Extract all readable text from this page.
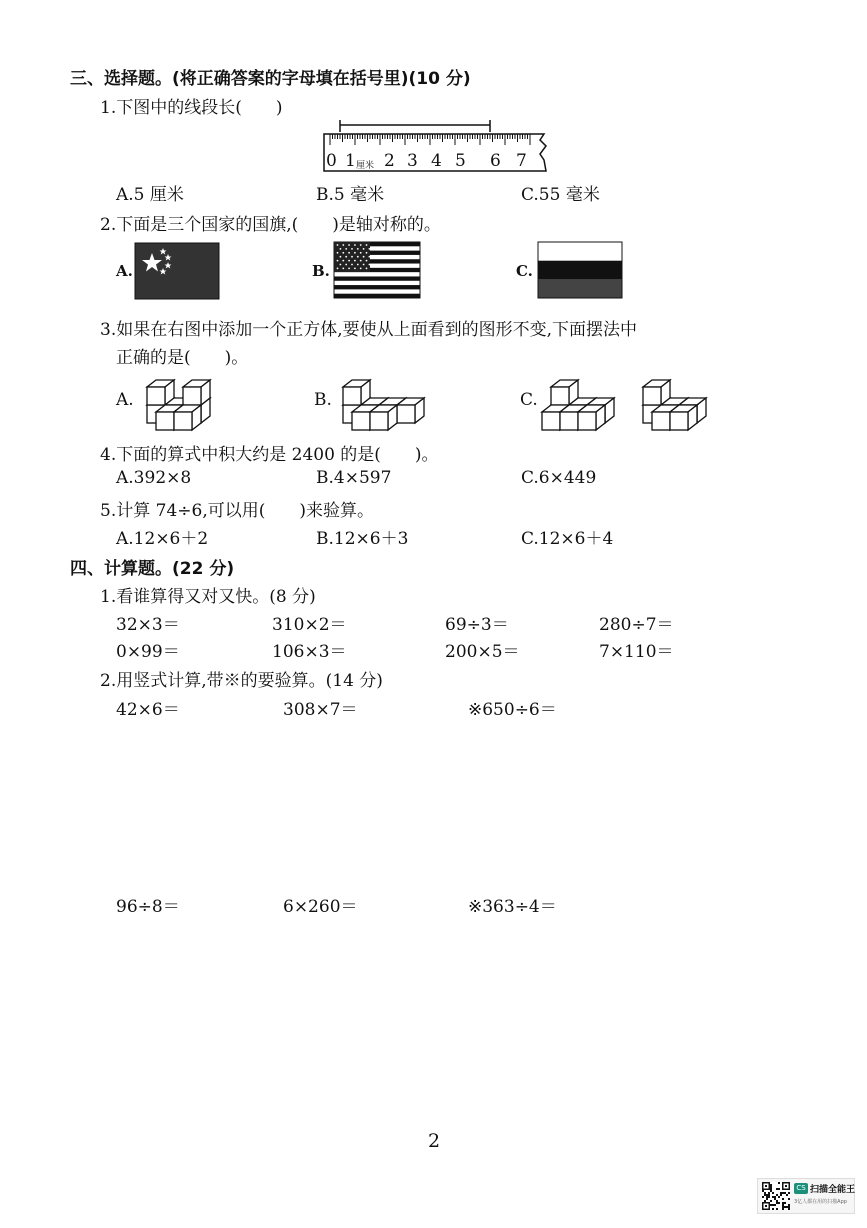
三、选择题。(将正确答案的字母填在括号里)(10 分)
1.下图中的线段长(　　)
0 1 厘米 2 3 4 5 6 7
A.5 厘米	B.5 毫米	C.55 毫米
2.下面是三个国家的国旗,(　　)是轴对称的。
A.	B.	C.
3.如果在右图中添加一个正方体,要使从上面看到的图形不变,下面摆法中
正确的是(　　)。
A.	B.	C.
4.下面的算式中积大约是 2400 的是(　　)。
A.392×8	B.4×597	C.6×449
5.计算 74÷6,可以用(　　)来验算。
A.12×6＋2	B.12×6＋3	C.12×6＋4
四、计算题。(22 分)
1.看谁算得又对又快。(8 分)
32×3＝	310×2＝	69÷3＝	280÷7＝
0×99＝	106×3＝	200×5＝	7×110＝
2.用竖式计算,带※的要验算。(14 分)
42×6＝	308×7＝	※650÷6＝
96÷8＝	6×260＝	※363÷4＝
2
CS 扫描全能王
3亿人都在用的扫描App
